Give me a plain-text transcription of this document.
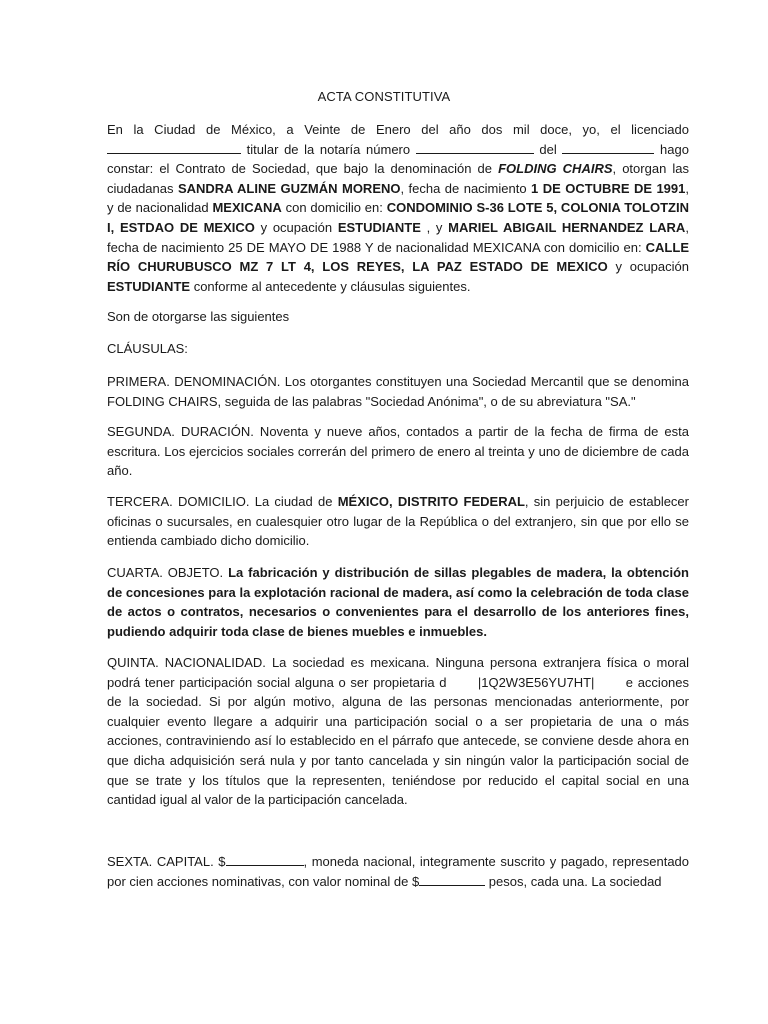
ACTA CONSTITUTIVA
En la Ciudad de México, a Veinte de Enero del año dos mil doce, yo, el licenciado  titular de la notaría número	del	hago constar: el Contrato de Sociedad, que bajo la denominación de FOLDING CHAIRS, otorgan las ciudadanas SANDRA ALINE GUZMÁN MORENO, fecha de nacimiento 1 DE OCTUBRE DE 1991, y de nacionalidad MEXICANA con domicilio en: CONDOMINIO S-36 LOTE 5, COLONIA TOLOTZIN I, ESTDAO DE MEXICO y ocupación ESTUDIANTE , y MARIEL ABIGAIL HERNANDEZ LARA, fecha de nacimiento 25 DE MAYO DE 1988 Y de nacionalidad MEXICANA con domicilio en: CALLE RÍO CHURUBUSCO MZ 7 LT 4, LOS REYES, LA PAZ ESTADO DE MEXICO y ocupación ESTUDIANTE conforme al antecedente y cláusulas siguientes.
Son de otorgarse las siguientes
CLÁUSULAS:
PRIMERA. DENOMINACIÓN. Los otorgantes constituyen una Sociedad Mercantil que se denomina FOLDING CHAIRS, seguida de las palabras "Sociedad Anónima", o de su abreviatura "SA."
SEGUNDA. DURACIÓN. Noventa y nueve años, contados a partir de la fecha de firma de esta escritura. Los ejercicios sociales correrán del primero de enero al treinta y uno de diciembre de cada año.
TERCERA. DOMICILIO. La ciudad de MÉXICO, DISTRITO FEDERAL, sin perjuicio de establecer oficinas o sucursales, en cualesquier otro lugar de la República o del extranjero, sin que por ello se entienda cambiado dicho domicilio.
CUARTA. OBJETO. La fabricación y distribución de sillas plegables de madera, la obtención de concesiones para la explotación racional de madera, así como la celebración de toda clase de actos o contratos, necesarios o convenientes para el desarrollo de los anteriores fines, pudiendo adquirir toda clase de bienes muebles e inmuebles.
QUINTA. NACIONALIDAD. La sociedad es mexicana. Ninguna persona extranjera física o moral podrá tener participación social alguna o ser propietaria d |1Q2W3E56YU7HT| e acciones de la sociedad. Si por algún motivo, alguna de las personas mencionadas anteriormente, por cualquier evento llegare a adquirir una participación social o a ser propietaria de una o más acciones, contraviniendo así lo establecido en el párrafo que antecede, se conviene desde ahora en que dicha adquisición será nula y por tanto cancelada y sin ningún valor la participación social de que se trate y los títulos que la representen, teniéndose por reducido el capital social en una cantidad igual al valor de la participación cancelada.
SEXTA. CAPITAL. $	, moneda nacional, integramente suscrito y pagado, representado por cien acciones nominativas, con valor nominal de $	pesos, cada una. La sociedad
